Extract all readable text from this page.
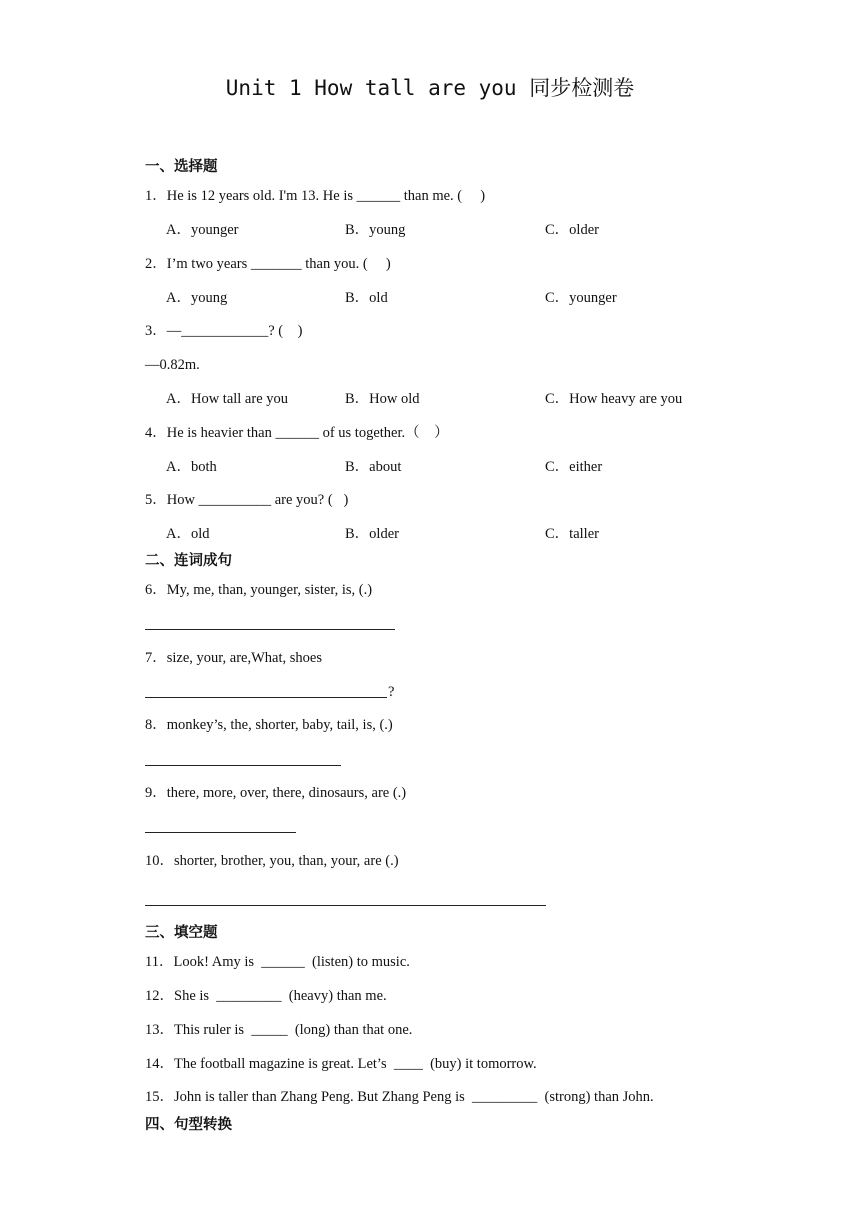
Unit 1 How tall are you 同步检测卷
一、选择题
1．He is 12 years old. I'm 13. He is ______ than me. (     )
A．younger	B．young	C．older
2．I’m two years _______ than you. (     )
A．young	B．old	C．younger
3．—____________? (    )
—0.82m.
A．How tall are you	B．How old	C．How heavy are you
4．He is heavier than ______ of us together.（    ）
A．both	B．about	C．either
5．How __________ are you? (   )
A．old	B．older	C．taller
二、连词成句
6．My, me, than, younger, sister, is, (.)
7．size, your, are,What, shoes
?
8．monkey’s, the, shorter, baby, tail, is, (.)
9．there, more, over, there, dinosaurs, are (.)
10．shorter, brother, you, than, your, are (.)
三、填空题
11．Look! Amy is  ______  (listen) to music.
12．She is  _________  (heavy) than me.
13．This ruler is  _____  (long) than that one.
14．The football magazine is great. Let’s  ____  (buy) it tomorrow.
15．John is taller than Zhang Peng. But Zhang Peng is  _________  (strong) than John.
四、句型转换
